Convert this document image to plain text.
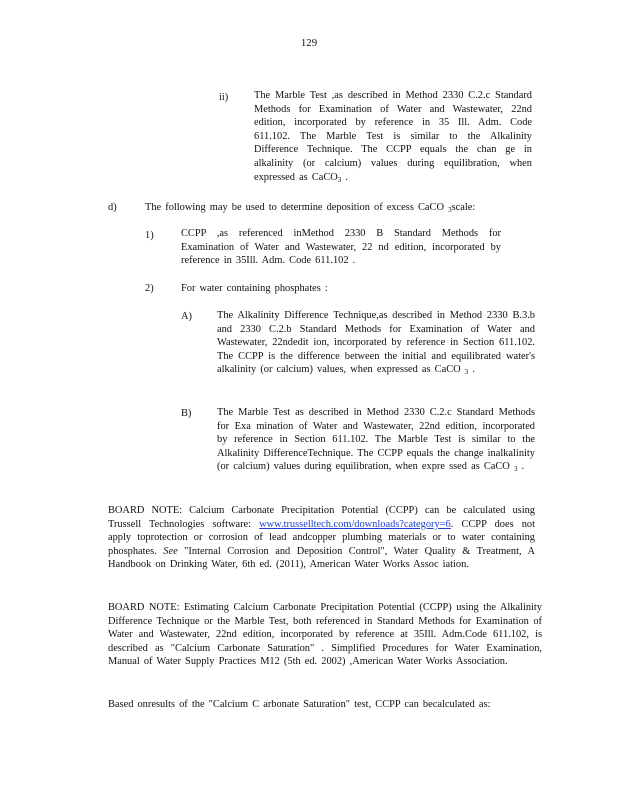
129
ii) The Marble Test ,as described in Method 2330 C.2.c Standard Methods for Examination of Water and Wastewater, 22nd edition, incorporated by reference in 35 Ill. Adm. Code 611.102. The Marble Test is similar to the Alkalinity Difference Technique. The CCPP equals the chan ge in alkalinity (or calcium) values during equilibration, when expressed as CaCO$_3$ .
d)	The following may be used to determine deposition of excess CaCO $_3$scale:
1)	CCPP ,as referenced inMethod 2330 B Standard Methods for Examination of Water and Wastewater, 22 nd edition, incorporated by reference in 35Ill. Adm. Code 611.102 .
2)	For water containing phosphates :
A) The Alkalinity Difference Technique,as described in Method 2330 B.3.b and 2330 C.2.b Standard Methods for Examination of Water and Wastewater, 22ndedit ion, incorporated by reference in Section 611.102. The CCPP is the difference between the initial and equilibrated water's alkalinity (or calcium) values, when expressed as CaCO $_3$ .
B) The Marble Test as described in Method 2330 C.2.c Standard Methods for Exa mination of Water and Wastewater, 22nd edition, incorporated by reference in Section 611.102. The Marble Test is similar to the Alkalinity DifferenceTechnique. The CCPP equals the change inalkalinity (or calcium) values during equilibration, when expre ssed as CaCO $_3$ .
BOARD NOTE: Calcium Carbonate Precipitation Potential (CCPP) can be calculated using Trussell Technologies software: www.trusselltech.com/downloads?category=6. CCPP does not apply toprotection or corrosion of lead andcopper plumbing materials or to water containing phosphates. See "Internal Corrosion and Deposition Control", Water Quality & Treatment, A Handbook on Drinking Water, 6th ed. (2011), American Water Works Assoc iation.
BOARD NOTE: Estimating Calcium Carbonate Precipitation Potential (CCPP) using the Alkalinity Difference Technique or the Marble Test, both referenced in Standard Methods for Examination of Water and Wastewater, 22nd edition, incorporated by reference at 35Ill. Adm.Code 611.102, is described as "Calcium Carbonate Saturation" . Simplified Procedures for Water Examination, Manual of Water Supply Practices M12 (5th ed. 2002) ,American Water Works Association.
Based onresults of the "Calcium C arbonate Saturation" test, CCPP can becalculated as:
